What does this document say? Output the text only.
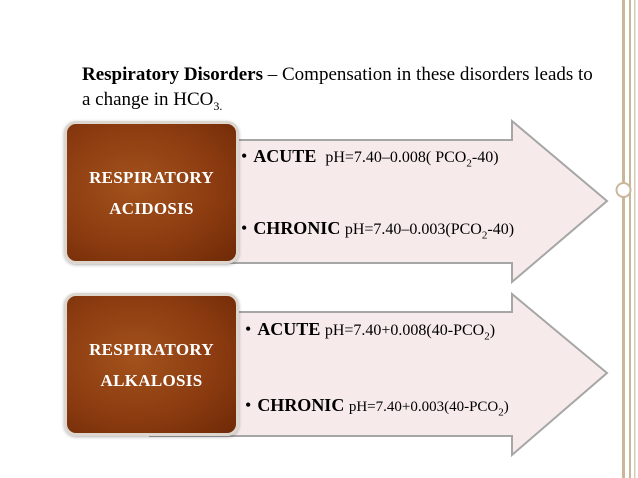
Respiratory Disorders – Compensation in these disorders leads to a change in $HCO_{3.}$
RESPIRATORY
ACIDOSIS
• ACUTE pH=7.40–0.008( $PCO_2-40$)
• CHRONIC $pH=7.40-0.003(PCO_2-40)$
RESPIRATORY
ALKALOSIS
• ACUTE $pH=7.40+0.008(40-PCO_2)$
• CHRONIC $pH=7.40+0.003(40-PCO_2)$
